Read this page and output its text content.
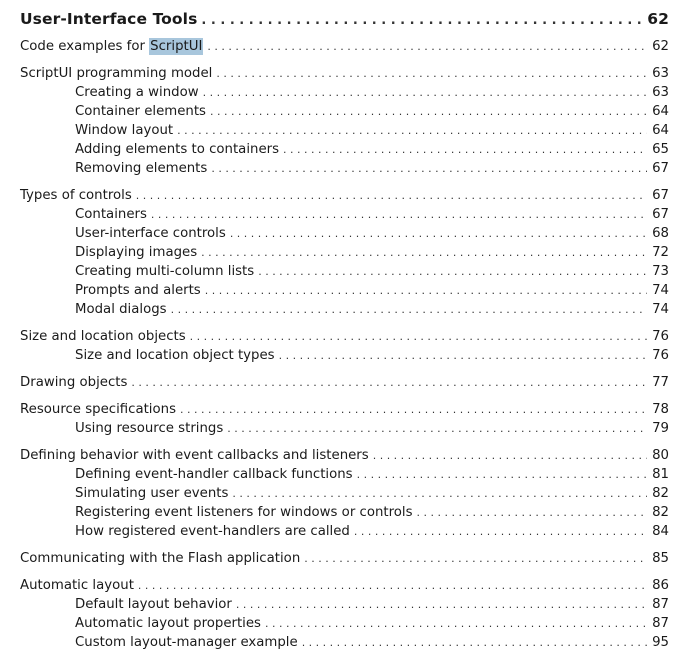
User-Interface Tools . . .	62
Code examples for ScriptUI . . .	62
ScriptUI programming model . . .	63
Creating a window . . .	63
Container elements . . .	64
Window layout . . .	64
Adding elements to containers . . .	65
Removing elements . . .	67
Types of controls . . .	67
Containers . . .	67
User-interface controls . . .	68
Displaying images . . .	72
Creating multi-column lists . . .	73
Prompts and alerts . . .	74
Modal dialogs . . .	74
Size and location objects . . .	76
Size and location object types . . .	76
Drawing objects . . .	77
Resource specifications . . .	78
Using resource strings . . .	79
Defining behavior with event callbacks and listeners . . .	80
Defining event-handler callback functions . . .	81
Simulating user events . . .	82
Registering event listeners for windows or controls . . .	82
How registered event-handlers are called . . .	84
Communicating with the Flash application . . .	85
Automatic layout . . .	86
Default layout behavior . . .	87
Automatic layout properties . . .	87
Custom layout-manager example . . .	95
